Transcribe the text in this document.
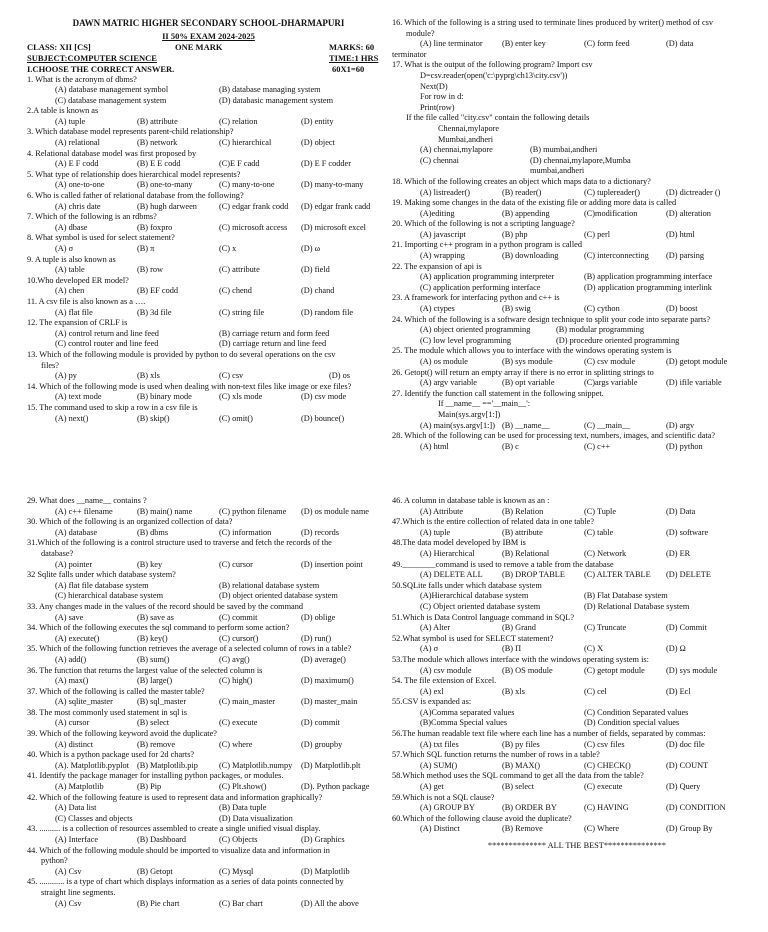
DAWN MATRIC HIGHER SECONDARY SCHOOL-DHARMAPURI
II 50% EXAM 2024-2025
CLASS: XII [CS]	ONE MARK	MARKS: 60
SUBJECT:COMPUTER SCIENCE	TIME:1 HRS
I.CHOOSE THE CORRECT ANSWER.	60X1=60
1. What is the acronym of dbms?
(A) database management symbol	(B) database managing system
(C) database management system	(D) databasic management system
2.A table is known as
(A) tuple	(B) attribute	(C) relation	(D) entity
3. Which database model represents parent-child relationship?
(A) relational	(B) network	(C) hierarchical	(D) object
4. Relational database model was first proposed by
(A) E F codd	(B) E E codd	(C)E F cadd	(D) E F codder
5. What type of relationship does hierarchical model represents?
(A) one-to-one	(B) one-to-many	(C) many-to-one	(D) many-to-many
6. Who is called father of relational database from the following?
(A) chris date	(B) hugh darween	(C) edgar frank codd	(D) edgar frank cadd
7. Which of the following is an rdbms?
(A) dbase	(B) foxpro	(C) microsoft access	(D) microsoft excel
8. What symbol is used for select statement?
(A) σ	(B) π	(C) x	(D) ω
9. A tuple is also known as
(A) table	(B) row	(C) attribute	(D) field
10.Who developed ER model?
(A) chen	(B) EF codd	(C) chend	(D) chand
11. A csv file is also known as a ….
(A) flat file	(B) 3d file	(C) string file	(D) random file
12. The expansion of CRLF is
(A) control return and line feed	(B) carriage return and form feed
(C) control router and line feed	(D) carriage return and line feed
13. Which of the following module is provided by python to do several operations on the csv
files?
(A) py	(B) xls	(C) csv	(D) os
14. Which of the following mode is used when dealing with non-text files like image or exe files?
(A) text mode	(B) binary mode	(C) xls mode	(D) csv mode
15. The command used to skip a row in a csv file is
(A) next()	(B) skip()	(C) omit()	(D) bounce()
16. Which of the following is a string used to terminate lines produced by writer() method of csv
module?
(A) line terminator	(B) enter key	(C) form feed	(D) data
terminator
17. What is the output of the following program? Import csv
D=csv.reader(open('c:\pyprg\ch13\city.csv'))
Next(D)
For row in d:
Print(row)
If the file called "city.csv" contain the following details
Chennai,mylapore
Mumbai,andheri
(A) chennai,mylapore	(B) mumbai,andheri
(C) chennai	(D) chennai,mylapore,Mumba mumbai,andheri
18. Which of the following creates an object which maps data to a dictionary?
(A) listreader()	(B) reader()	(C) tuplereader()	(D) dictreader ()
19. Making some changes in the data of the existing file or adding more data is called
(A)editing	(B) appending	(C)modification	(D) alteration
20. Which of the following is not a scripting language?
(A) javascript	(B) php	(C) perl	(D) html
21. Importing c++ program in a python program is called
(A) wrapping	(B) downloading	(C) interconnecting	(D) parsing
22. The expansion of api is
(A) application programming interpreter	(B) application programming interface
(C) application performing interface	(D) application programming interlink
23. A framework for interfacing python and c++ is
(A) ctypes	(B) swig	(C) cython	(D) boost
24. Which of the following is a software design technique to split your code into separate parts?
(A) object oriented programming	(B) modular programming
(C) low level programming	(D) procedure oriented programming
25. The module which allows you to interface with the windows operating system is
(A) os module	(B) sys module	(C) csv module	(D) getopt module
26. Getopt() will return an empty array if there is no error in splitting strings to
(A) argv variable	(B) opt variable	(C)args variable	(D) ifile variable
27. Identify the function call statement in the following snippet.
If __name__ =='__main__':
Main(sys.argv[1:])
(A) main(sys.argv[1:]) (B) __name__	(C) __main__	(D) argv
28. Which of the following can be used for processing text, numbers, images, and scientific data?
(A) html	(B) c	(C) c++	(D) python
29. What does __name__ contains ?
(A) c++ filename	(B) main() name	(C) python filename	(D) os module name
30. Which of the following is an organized collection of data?
(A) database	(B) dbms	(C) information	(D) records
31.Which of the following is a control structure used to traverse and fetch the records of the
database?
(A) pointer	(B) key	(C) cursor	(D) insertion point
32 Sqlite falls under which database system?
(A) flat file database system	(B) relational database system
(C) hierarchical database system	(D) object oriented database system
33. Any changes made in the values of the record should be saved by the command
(A) save	(B) save as	(C) commit	(D) oblige
34. Which of the following executes the sql command to perform some action?
(A) execute()	(B) key()	(C) cursor()	(D) run()
35. Which of the following function retrieves the average of a selected column of rows in a table?
(A) add()	(B) sum()	(C) avg()	(D) average()
36. The function that returns the largest value of the selected column is
(A) max()	(B) large()	(C) high()	(D) maximum()
37. Which of the following is called the master table?
(A) sqlite_master	(B) sql_master	(C) main_master	(D) master_main
38. The most commonly used statement in sql is
(A) cursor	(B) select	(C) execute	(D) commit
39. Which of the following keyword avoid the duplicate?
(A) distinct	(B) remove	(C) where	(D) groupby
40. Which is a python package used for 2d charts?
(A). Matplotlib.pyplot (B) Matplotlib.pip	(C) Matplotlib.numpy	(D) Matplotlib.plt
41. Identify the package manager for installing python packages, or modules.
(A) Matplotlib	(B) Pip	(C) Plt.show()	(D). Python package
42. Which of the following feature is used to represent data and information graphically?
(A) Data list	(B) Data tuple
(C) Classes and objects	(D) Data visualization
43. .......... is a collection of resources assembled to create a single unified visual display.
(A) Interface	(B) Dashboard	(C) Objects	(D) Graphics
44. Which of the following module should be imported to visualize data and information in
python?
(A) Csv	(B) Getopt	(C) Mysql	(D) Matplotlib
45. ............ is a type of chart which displays information as a series of data points connected by
straight line segments.
(A) Csv	(B) Pie chart	(C) Bar chart	(D) All the above
46. A column in database table is known as an :
(A) Attribute	(B) Relation	(C) Tuple	(D) Data
47.Which is the entire collection of related data in one table?
(A) tuple	(B) attribute	(C) table	(D) software
48.The data model developed by IBM is
(A) Hierarchical	(B) Relational	(C) Network	(D) ER
49.________command is used to remove a table from the database
(A) DELETE ALL	(B) DROP TABLE	(C) ALTER TABLE	(D) DELETE
50.SQLite falls under which database system
(A)Hierarchical database system	(B) Flat Database system
(C) Object oriented database system	(D) Relational Database system
51.Which is Data Control language command in SQL?
(A) Alter	(B) Grand	(C) Truncate	(D) Commit
52.What symbol is used for SELECT statement?
(A) σ	(B) Π	(C) X	(D) Ω
53.The module which allows interface with the windows operating system is:
(A) csv module	(B) OS module	(C) getopt module	(D) sys module
54. The file extension of Excel.
(A) exl	(B) xls	(C) cel	(D) Ecl
55.CSV is expanded as:
(A)Comma separated values	(C) Condition Separated values
(B)Comma Special values	(D) Condition special values
56.The human readable text file where each line has a number of fields, separated by commas:
(A) txt files	(B) py files	(C) csv files	(D) doc file
57.Which SQL function returns the number of rows in a table?
(A) SUM()	(B) MAX()	(C) CHECK()	(D) COUNT
58.Which method uses the SQL command to get all the data from the table?
(A) get	(B) select	(C) execute	(D) Query
59.Which is not a SQL clause?
(A) GROUP BY	(B) ORDER BY	(C) HAVING	(D) CONDITION
60.Which of the following clause avoid the duplicate?
(A) Distinct	(B) Remove	(C) Where	(D) Group By
************** ALL THE BEST***************
